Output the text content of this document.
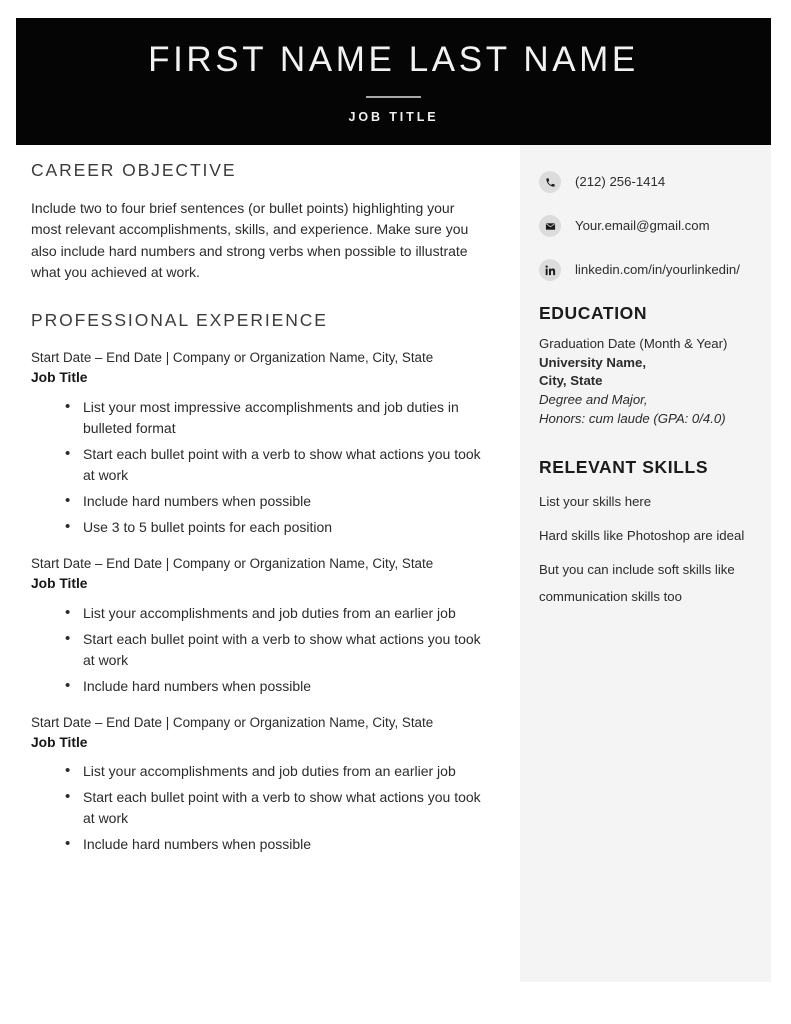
FIRST NAME LAST NAME
JOB TITLE
(212) 256-1414
Your.email@gmail.com
linkedin.com/in/yourlinkedin/
EDUCATION
Graduation Date (Month & Year)
University Name,
City, State
Degree and Major,
Honors: cum laude (GPA: 0/4.0)
RELEVANT SKILLS
List your skills here
Hard skills like Photoshop are ideal
But you can include soft skills like communication skills too
CAREER OBJECTIVE

Include two to four brief sentences (or bullet points) highlighting your most relevant accomplishments, skills, and experience. Make sure you also include hard numbers and strong verbs when possible to illustrate what you achieved at work.

PROFESSIONAL EXPERIENCE
Start Date – End Date | Company or Organization Name, City, State
Job Title
• List your most impressive accomplishments and job duties in bulleted format
• Start each bullet point with a verb to show what actions you took at work
• Include hard numbers when possible
• Use 3 to 5 bullet points for each position
Start Date – End Date | Company or Organization Name, City, State
Job Title
• List your accomplishments and job duties from an earlier job
• Start each bullet point with a verb to show what actions you took at work
• Include hard numbers when possible
Start Date – End Date | Company or Organization Name, City, State
Job Title
• List your accomplishments and job duties from an earlier job
• Start each bullet point with a verb to show what actions you took at work
• Include hard numbers when possible
